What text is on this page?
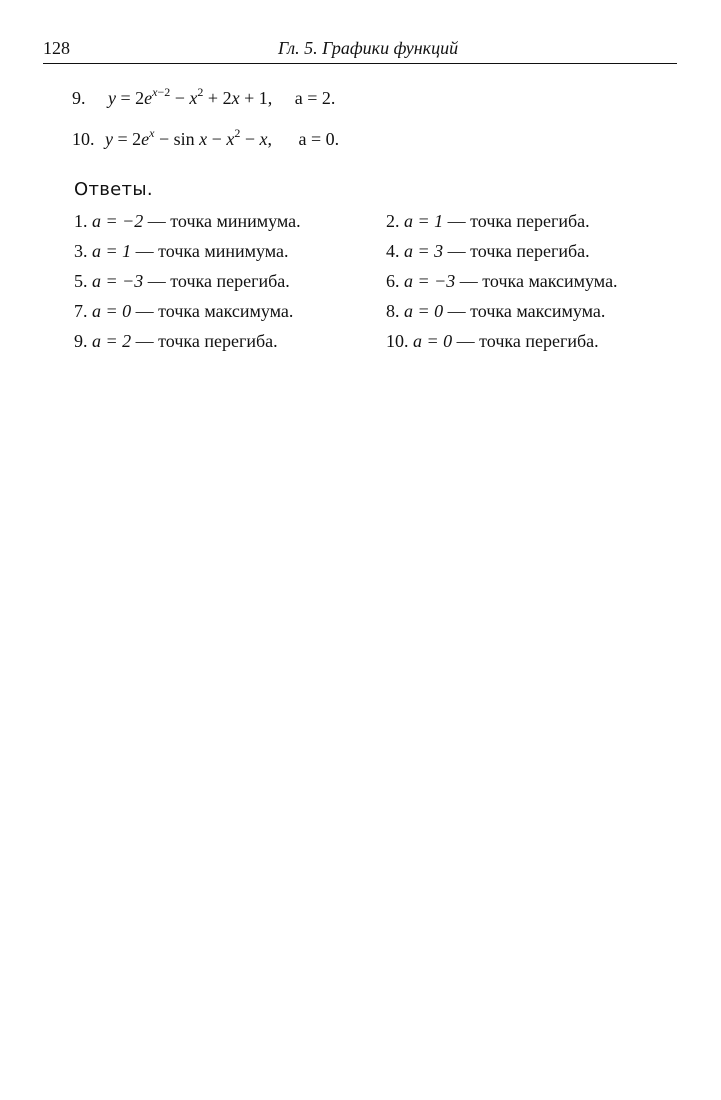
128	Гл. 5. Графики функций
9. $y = 2e^{x-2} - x^2 + 2x + 1$, a = 2.
10. $y = 2e^x - \sin x - x^2 - x$, a = 0.
Ответы.
1. a = −2 — точка минимума.
3. a = 1 — точка минимума.
5. a = −3 — точка перегиба.
7. a = 0 — точка максимума.
9. a = 2 — точка перегиба.
2. a = 1 — точка перегиба.
4. a = 3 — точка перегиба.
6. a = −3 — точка максимума.
8. a = 0 — точка максимума.
10. a = 0 — точка перегиба.
